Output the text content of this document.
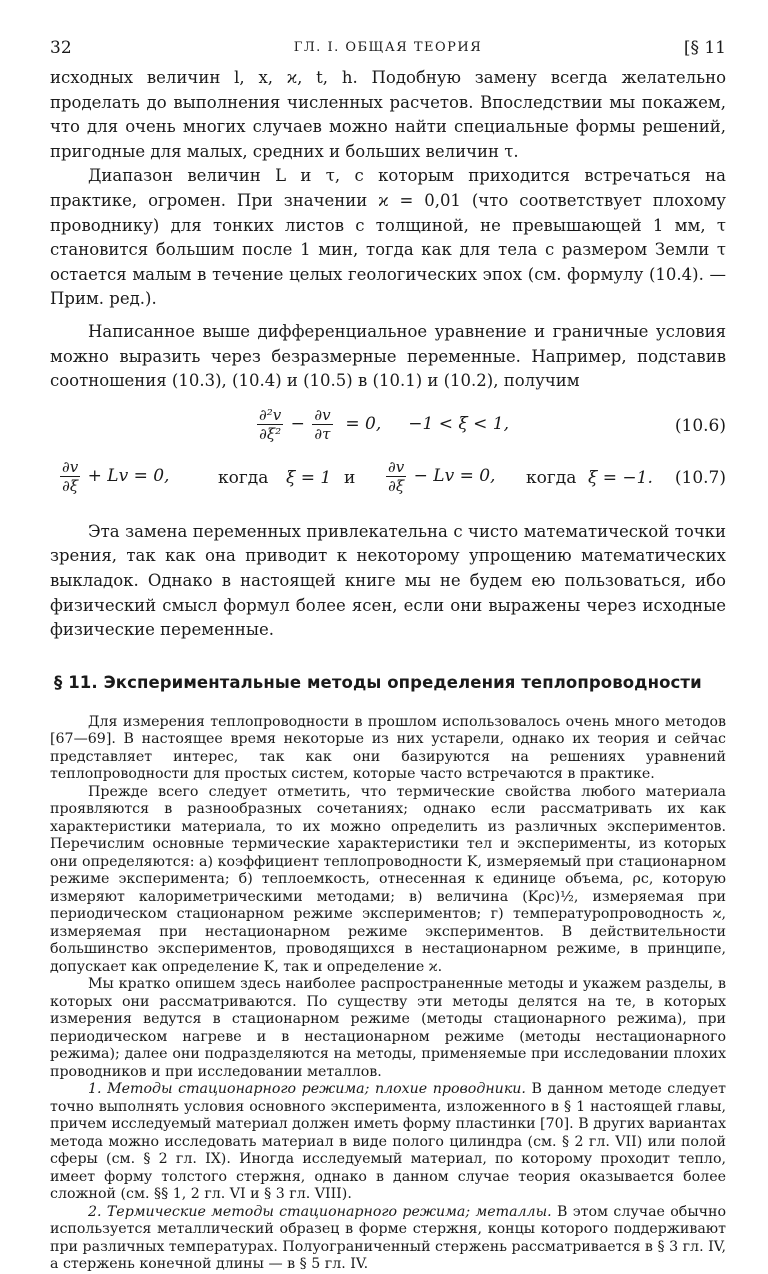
32	ГЛ. I. ОБЩАЯ ТЕОРИЯ	[§ 11

исходных величин l, x, ϰ, t, h. Подобную замену всегда желательно проделать до выполнения численных расчетов. Впоследствии мы покажем, что для очень многих случаев можно найти специальные формы решений, пригодные для малых, средних и больших величин τ.

Диапазон величин L и τ, с которым приходится встречаться на практике, огромен. При значении ϰ = 0,01 (что соответствует плохому проводнику) для тонких листов с толщиной, не превышающей 1 мм, τ становится большим после 1 мин, тогда как для тела с размером Земли τ остается малым в течение целых геологических эпох (см. формулу (10.4). — Прим. ред.).

Написанное выше дифференциальное уравнение и граничные условия можно выразить через безразмерные переменные. Например, подставив соотношения (10.3), (10.4) и (10.5) в (10.1) и (10.2), получим

$\frac{\text{∂²v}}{\text{∂ξ²}} - \frac{\partial v}{\partial\tau} = 0$,     −1 < ξ < 1,	(10.6)
$\frac{\partial v}{\partial\xi} + Lv = 0$,	когда ξ = 1 и $\frac{\partial v}{\partial\xi} - Lv = 0$, когда ξ = −1. (10.7)

Эта замена переменных привлекательна с чисто математической точки зрения, так как она приводит к некоторому упрощению математических выкладок. Однако в настоящей книге мы не будем ею пользоваться, ибо физический смысл формул более ясен, если они выражены через исходные физические переменные.

§ 11. Экспериментальные методы определения теплопроводности

Для измерения теплопроводности в прошлом использовалось очень много методов [67—69]. В настоящее время некоторые из них устарели, однако их теория и сейчас представляет интерес, так как они базируются на решениях уравнений теплопроводности для простых систем, которые часто встречаются в практике.

Прежде всего следует отметить, что термические свойства любого материала проявляются в разнообразных сочетаниях; однако если рассматривать их как характеристики материала, то их можно определить из различных экспериментов. Перечислим основные термические характеристики тел и эксперименты, из которых они определяются: а) коэффициент теплопроводности K, измеряемый при стационарном режиме эксперимента; б) теплоемкость, отнесенная к единице объема, ρc, которую измеряют калориметрическими методами; в) величина (Kρc)½, измеряемая при периодическом стационарном режиме экспериментов; г) температуропроводность ϰ, измеряемая при нестационарном режиме экспериментов. В действительности большинство экспериментов, проводящихся в нестационарном режиме, в принципе, допускает как определение K, так и определение ϰ.

Мы кратко опишем здесь наиболее распространенные методы и укажем разделы, в которых они рассматриваются. По существу эти методы делятся на те, в которых измерения ведутся в стационарном режиме (методы стационарного режима), при периодическом нагреве и в нестационарном режиме (методы нестационарного режима); далее они подразделяются на методы, применяемые при исследовании плохих проводников и при исследовании металлов.

1. Методы стационарного режима; плохие проводники. В данном методе следует точно выполнять условия основного эксперимента, изложенного в § 1 настоящей главы, причем исследуемый материал должен иметь форму пластинки [70]. В других вариантах метода можно исследовать материал в виде полого цилиндра (см. § 2 гл. VII) или полой сферы (см. § 2 гл. IX). Иногда исследуемый материал, по которому проходит тепло, имеет форму толстого стержня, однако в данном случае теория оказывается более сложной (см. §§ 1, 2 гл. VI и § 3 гл. VIII).

2. Термические методы стационарного режима; металлы. В этом случае обычно используется металлический образец в форме стержня, концы которого поддерживают при различных температурах. Полуограниченный стержень рассматривается в § 3 гл. IV, а стержень конечной длины — в § 5 гл. IV.
